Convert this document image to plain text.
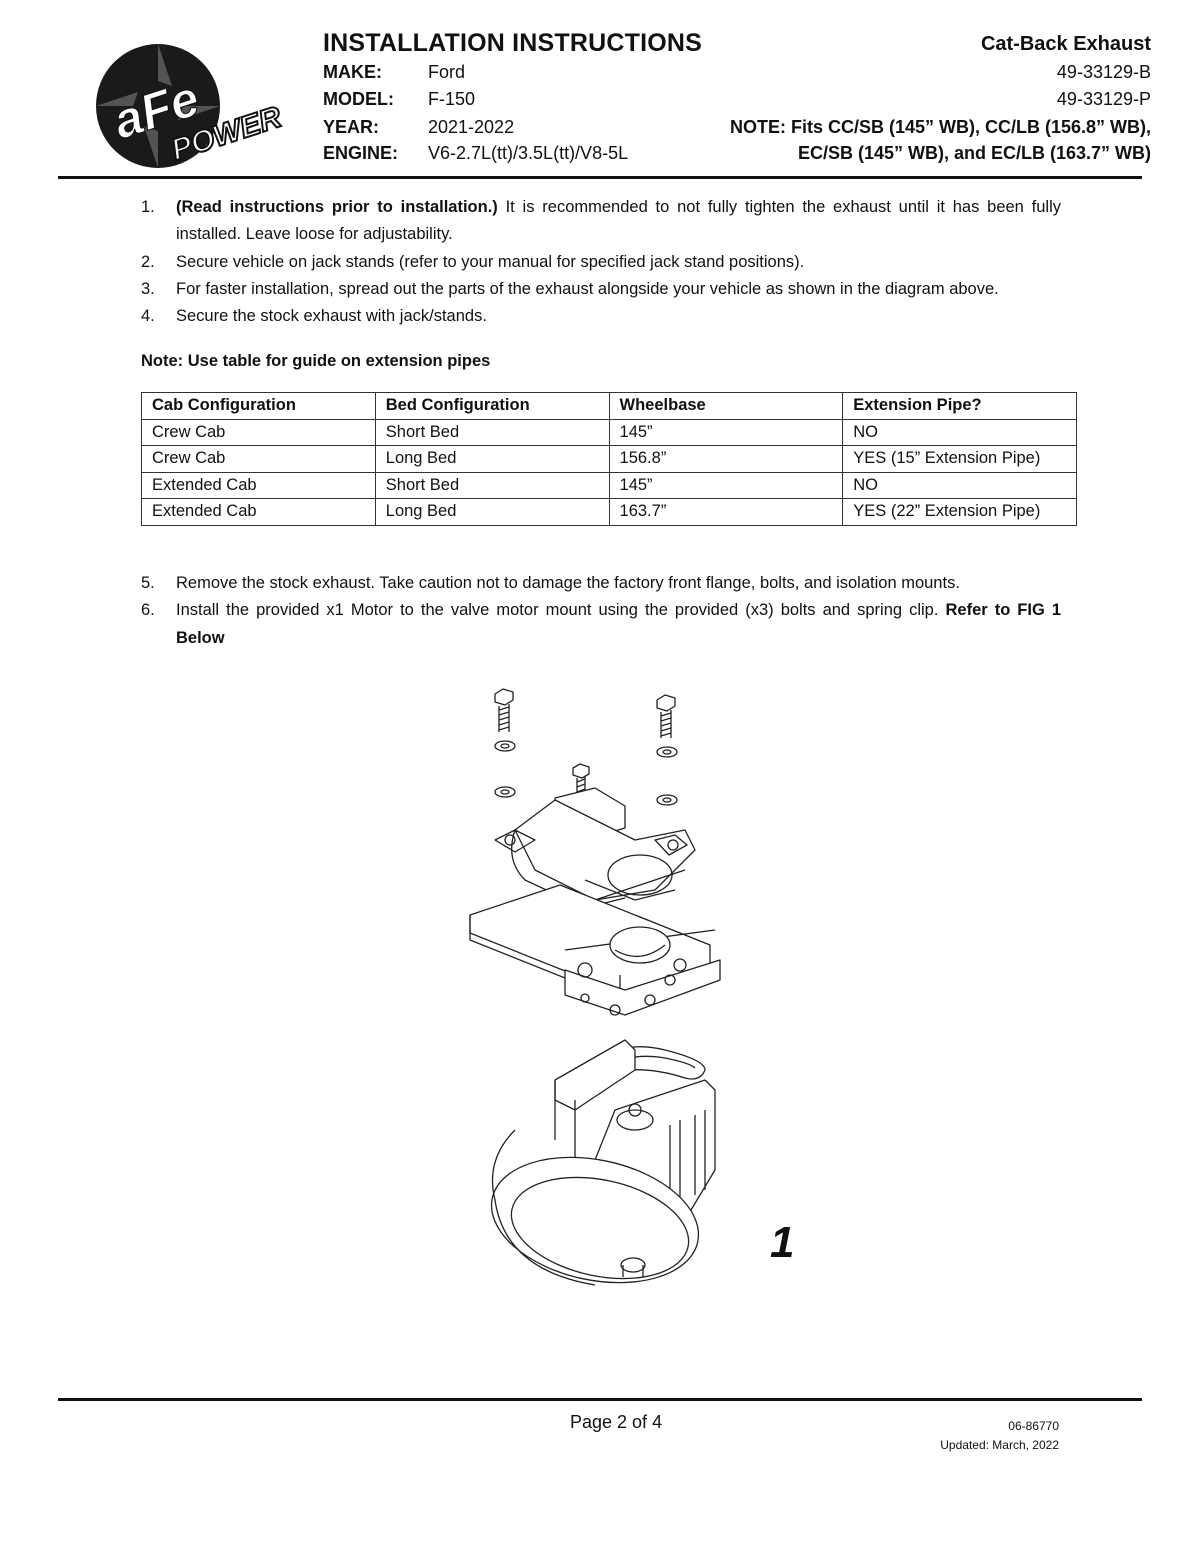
aFe
POWER
INSTALLATION INSTRUCTIONS
MAKE:	Ford
MODEL: F-150
YEAR:	2021-2022
ENGINE: V6-2.7L(tt)/3.5L(tt)/V8-5L
Cat-Back Exhaust
49-33129-B
49-33129-P
NOTE: Fits CC/SB (145” WB), CC/LB (156.8” WB),
EC/SB (145” WB), and EC/LB (163.7” WB)
1. (Read instructions prior to installation.) It is recommended to not fully tighten the exhaust until it has been fully installed. Leave loose for adjustability.
2. Secure vehicle on jack stands (refer to your manual for specified jack stand positions).
3. For faster installation, spread out the parts of the exhaust alongside your vehicle as shown in the diagram above.
4. Secure the stock exhaust with jack/stands.
Note: Use table for guide on extension pipes
Cab Configuration	Bed Configuration	Wheelbase	Extension Pipe?
Crew Cab	Short Bed	145”	NO
Crew Cab	Long Bed	156.8”	YES (15” Extension Pipe)
Extended Cab	Short Bed	145”	NO
Extended Cab	Long Bed	163.7”	YES (22” Extension Pipe)
5. Remove the stock exhaust. Take caution not to damage the factory front flange, bolts, and isolation mounts.
6. Install the provided x1 Motor to the valve motor mount using the provided (x3) bolts and spring clip. Refer to FIG 1 Below
1
Page 2 of 4	06-86770
Updated: March, 2022
